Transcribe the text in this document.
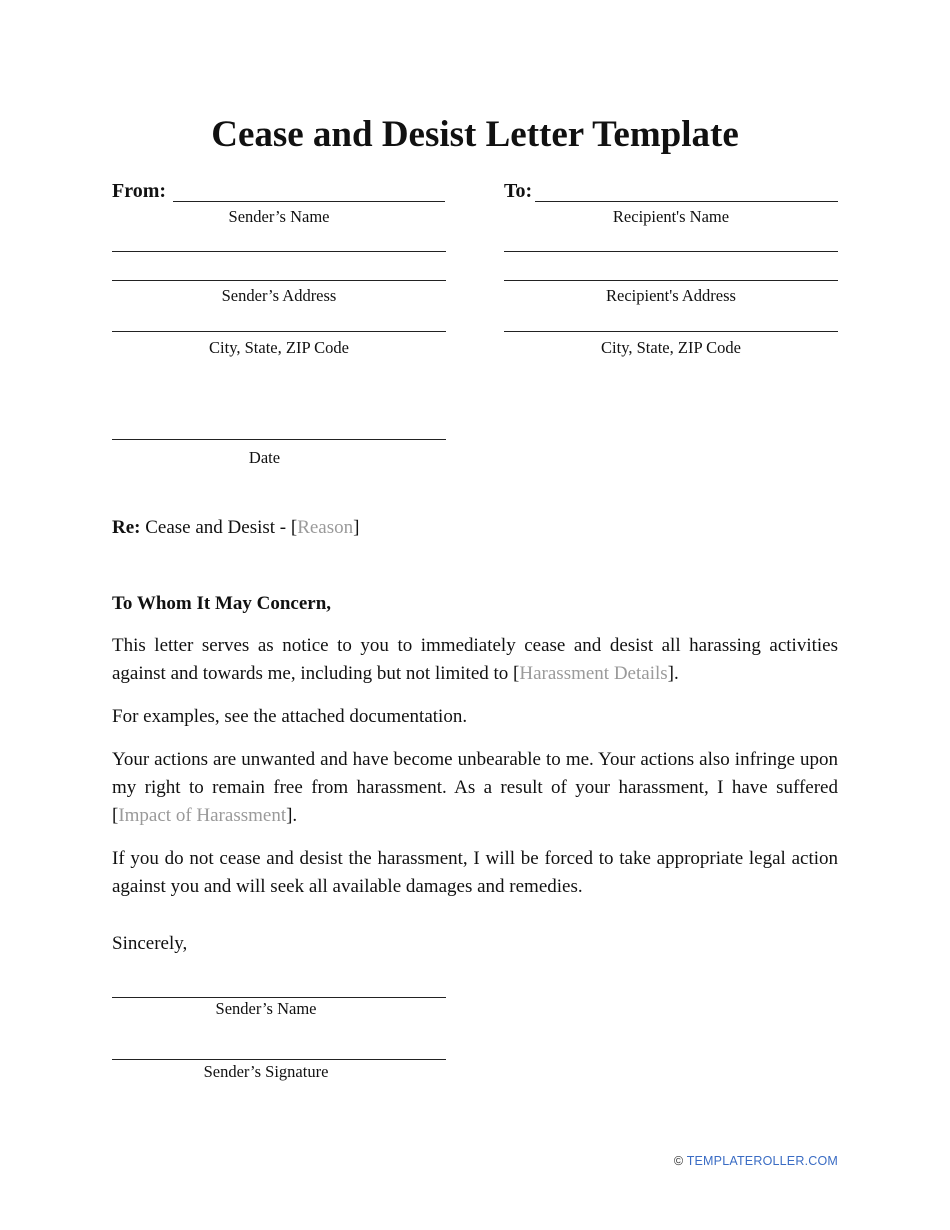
Cease and Desist Letter Template
From:
Sender’s Name
Sender’s Address
City, State, ZIP Code
To:
Recipient's Name
Recipient's Address
City, State, ZIP Code
Date
Re: Cease and Desist - [Reason]
To Whom It May Concern,
This letter serves as notice to you to immediately cease and desist all harassing activities against and towards me, including but not limited to [Harassment Details].
For examples, see the attached documentation.
Your actions are unwanted and have become unbearable to me. Your actions also infringe upon my right to remain free from harassment. As a result of your harassment, I have suffered [Impact of Harassment].
If you do not cease and desist the harassment, I will be forced to take appropriate legal action against you and will seek all available damages and remedies.
Sincerely,
Sender’s Name
Sender’s Signature
© TEMPLATEROLLER.COM
